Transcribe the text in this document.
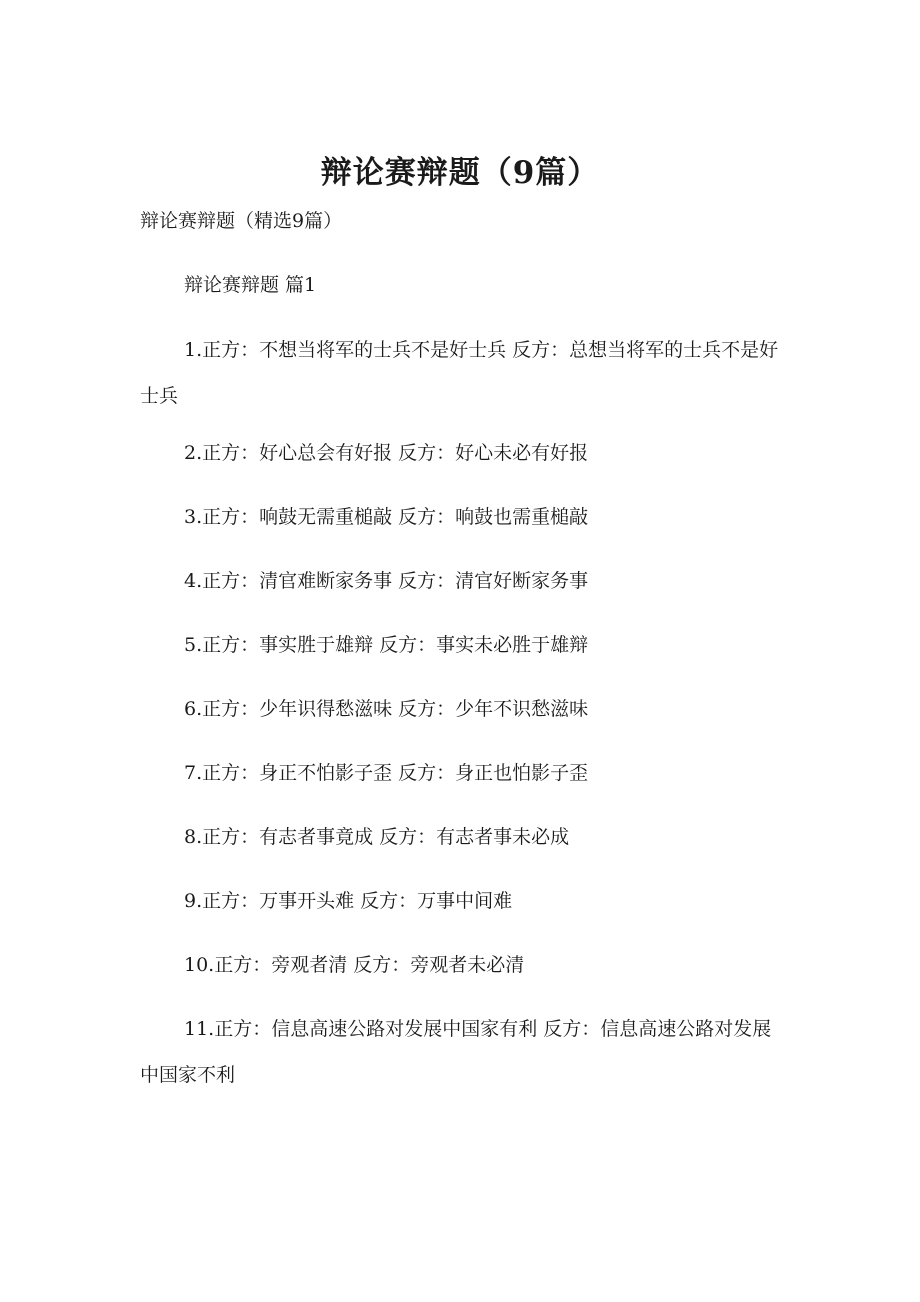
辩论赛辩题（9篇）

辩论赛辩题（精选9篇）

辩论赛辩题 篇1

1.正方：不想当将军的士兵不是好士兵 反方：总想当将军的士兵不是好士兵
2.正方：好心总会有好报 反方：好心未必有好报
3.正方：响鼓无需重槌敲 反方：响鼓也需重槌敲
4.正方：清官难断家务事 反方：清官好断家务事
5.正方：事实胜于雄辩 反方：事实未必胜于雄辩
6.正方：少年识得愁滋味 反方：少年不识愁滋味
7.正方：身正不怕影子歪 反方：身正也怕影子歪
8.正方：有志者事竟成 反方：有志者事未必成
9.正方：万事开头难 反方：万事中间难
10.正方：旁观者清 反方：旁观者未必清
11.正方：信息高速公路对发展中国家有利 反方：信息高速公路对发展中国家不利
